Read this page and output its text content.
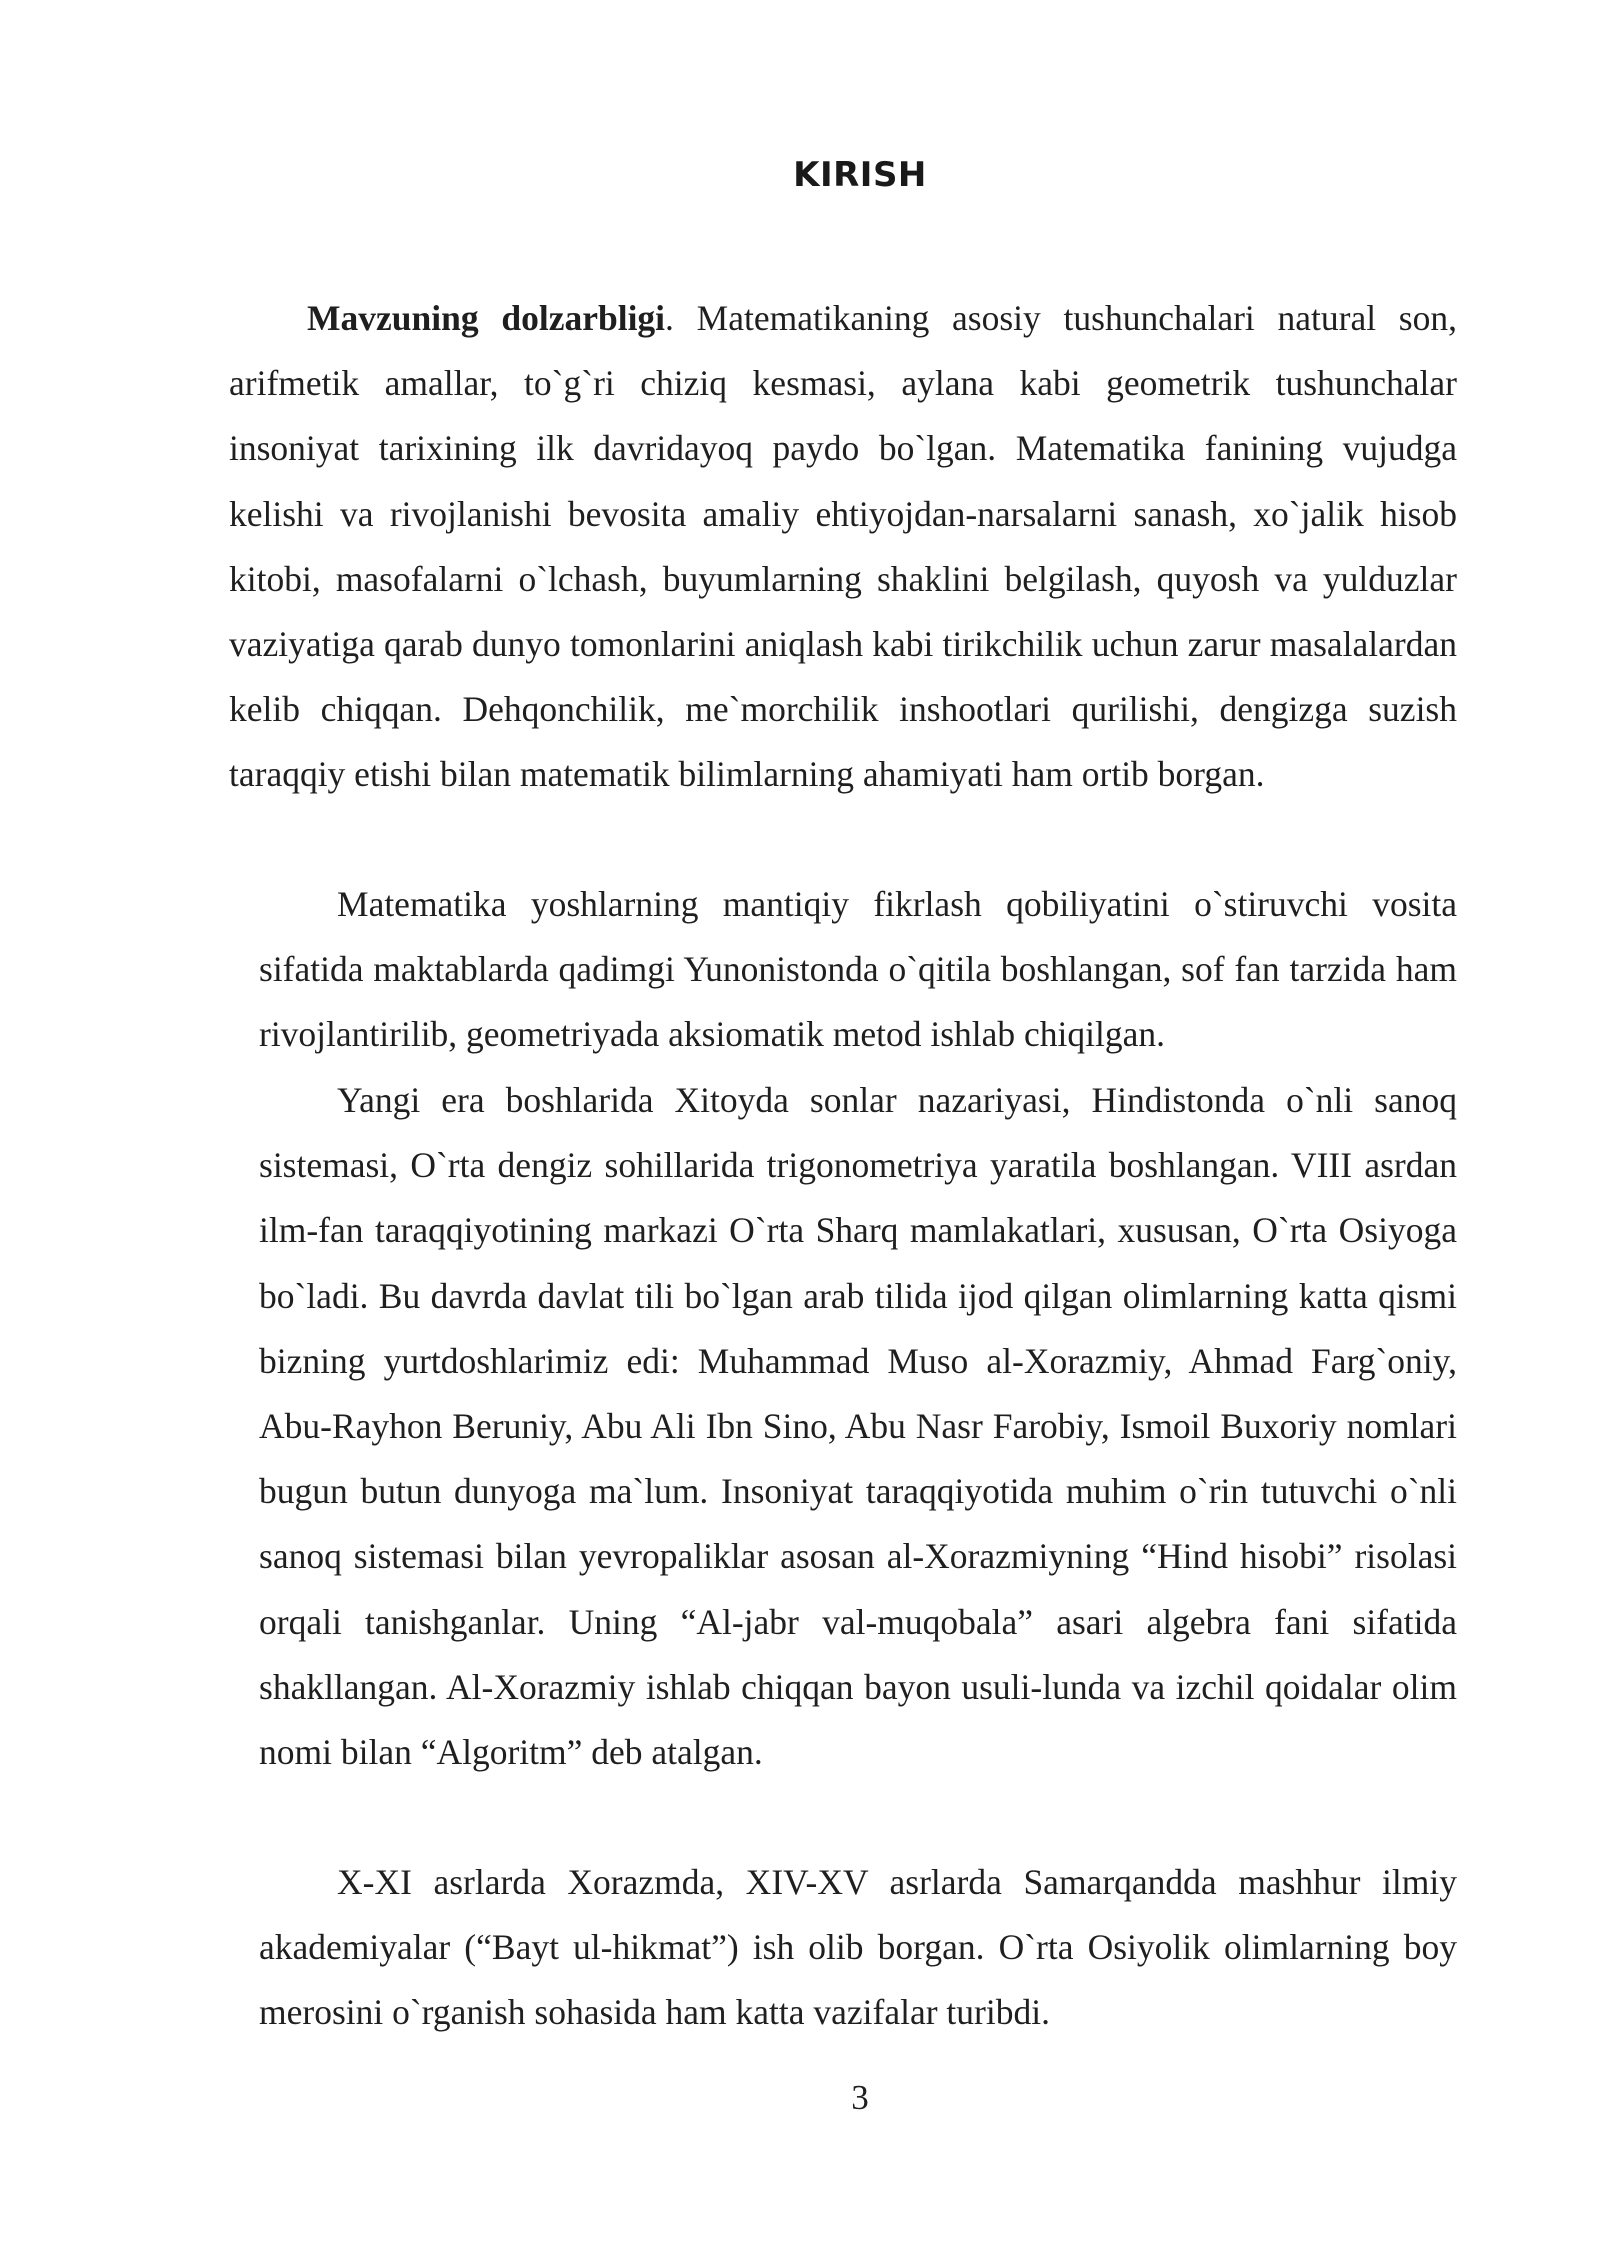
KIRISH

Mavzuning dolzarbligi. Matematikaning asosiy tushunchalari natural son, arifmetik amallar, to`g`ri chiziq kesmasi, aylana kabi geometrik tushunchalar insoniyat tarixining ilk davridayoq paydo bo`lgan. Matematika fanining vujudga kelishi va rivojlanishi bevosita amaliy ehtiyojdan-narsalarni sanash, xo`jalik hisob kitobi, masofalarni o`lchash, buyumlarning shaklini belgilash, quyosh va yulduzlar vaziyatiga qarab dunyo tomonlarini aniqlash kabi tirikchilik uchun zarur masalalardan kelib chiqqan. Dehqonchilik, me`morchilik inshootlari qurilishi, dengizga suzish taraqqiy etishi bilan matematik bilimlarning ahamiyati ham ortib borgan.

Matematika yoshlarning mantiqiy fikrlash qobiliyatini o`stiruvchi vosita sifatida maktablarda qadimgi Yunonistonda o`qitila boshlangan, sof fan tarzida ham rivojlantirilib, geometriyada aksiomatik metod ishlab chiqilgan.

Yangi era boshlarida Xitoyda sonlar nazariyasi, Hindistonda o`nli sanoq sistemasi, O`rta dengiz sohillarida trigonometriya yaratila boshlangan. VIII asrdan ilm-fan taraqqiyotining markazi O`rta Sharq mamlakatlari, xususan, O`rta Osiyoga bo`ladi. Bu davrda davlat tili bo`lgan arab tilida ijod qilgan olimlarning katta qismi bizning yurtdoshlarimiz edi: Muhammad Muso al-Xorazmiy, Ahmad Farg`oniy, Abu-Rayhon Beruniy, Abu Ali Ibn Sino, Abu Nasr Farobiy, Ismoil Buxoriy nomlari bugun butun dunyoga ma`lum. Insoniyat taraqqiyotida muhim o`rin tutuvchi o`nli sanoq sistemasi bilan yevropaliklar asosan al-Xorazmiyning “Hind hisobi” risolasi orqali tanishganlar. Uning “Al-jabr val-muqobala” asari algebra fani sifatida shakllangan. Al-Xorazmiy ishlab chiqqan bayon usuli-lunda va izchil qoidalar olim nomi bilan “Algoritm” deb atalgan.

X-XI asrlarda Xorazmda, XIV-XV asrlarda Samarqandda mashhur ilmiy akademiyalar (“Bayt ul-hikmat”) ish olib borgan. O`rta Osiyolik olimlarning boy merosini o`rganish sohasida ham katta vazifalar turibdi.

3
